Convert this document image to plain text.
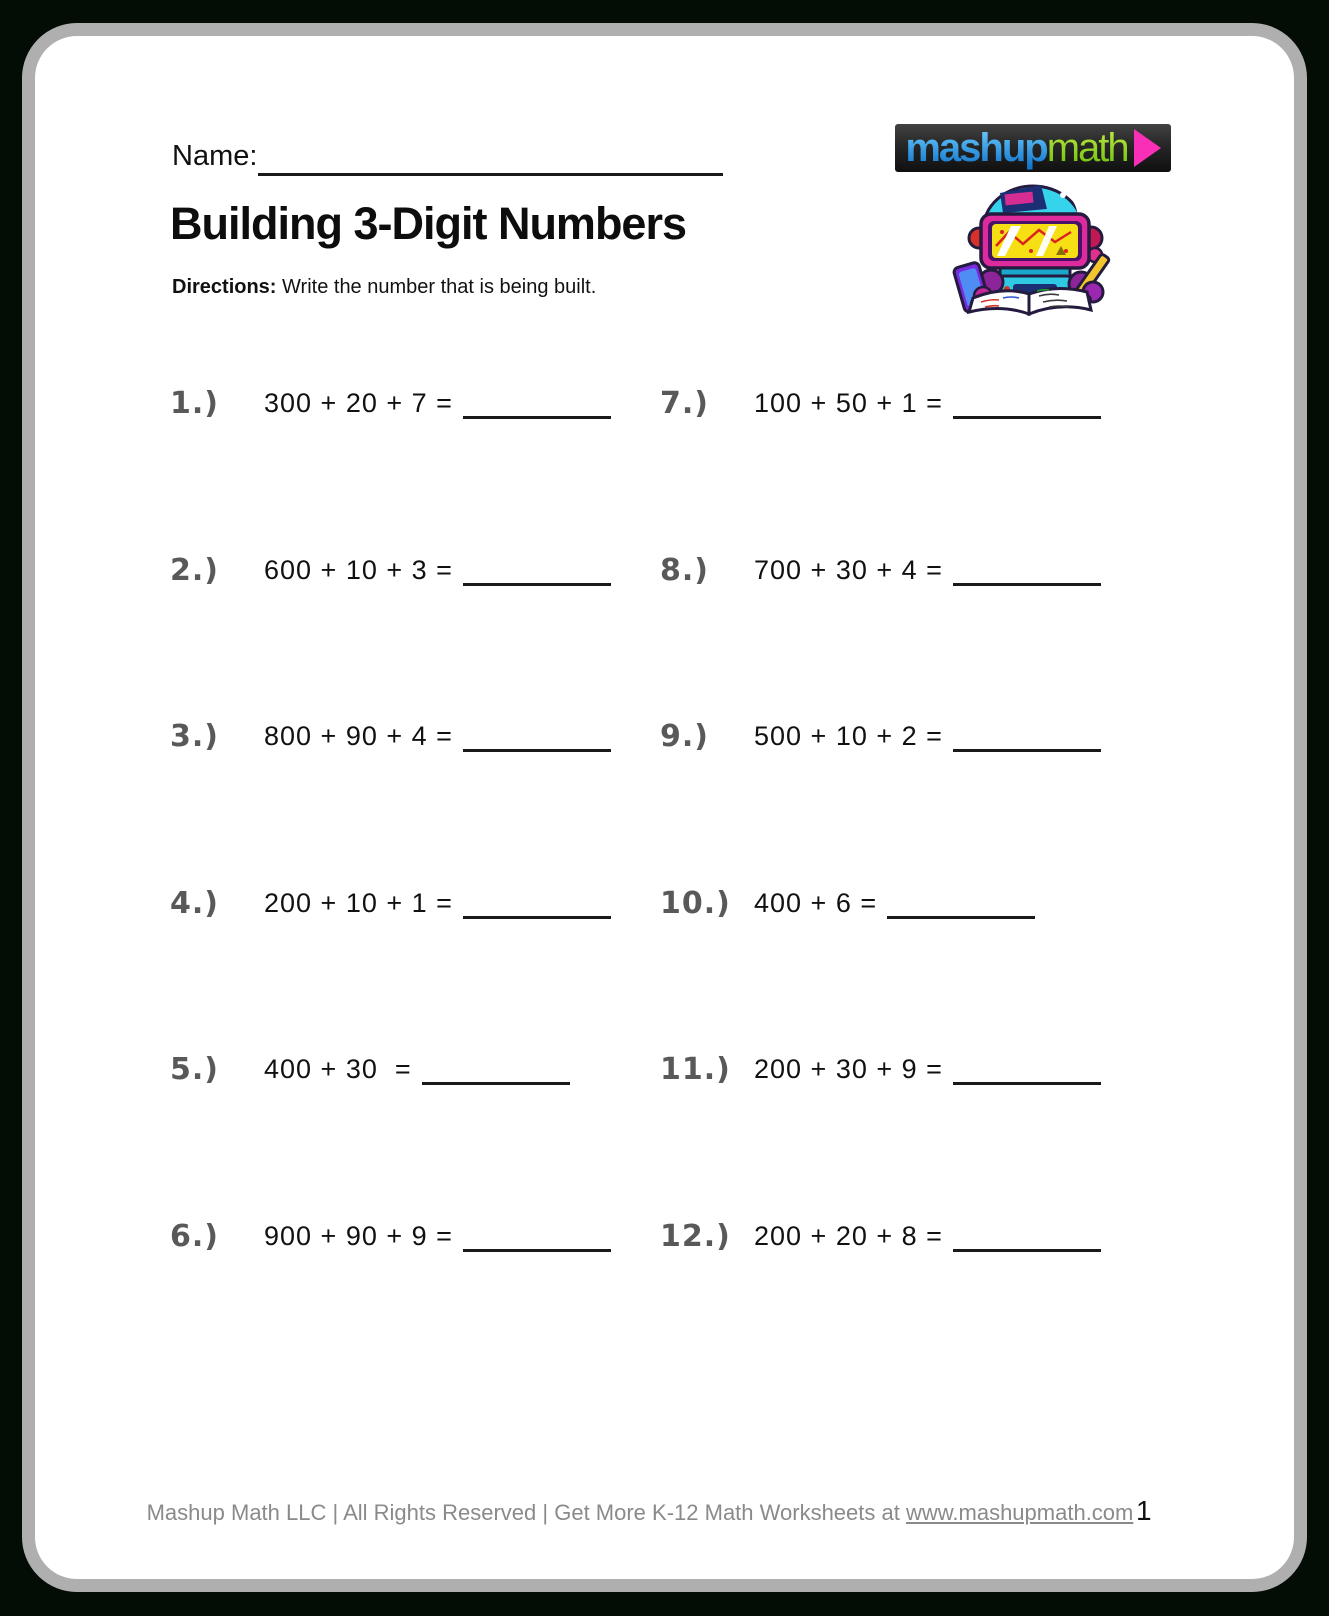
Name:
Building 3-Digit Numbers
Directions: Write the number that is being built.
mashup math
1.)	300 + 20 + 7 =
2.)	600 + 10 + 3 =
3.)	800 + 90 + 4 =
4.)	200 + 10 + 1 =
5.)	400 + 30  =
6.)	900 + 90 + 9 =
7.)	100 + 50 + 1 =
8.)	700 + 30 + 4 =
9.)	500 + 10 + 2 =
10.) 400 + 6 =
11.) 200 + 30 + 9 =
12.) 200 + 20 + 8 =
Mashup Math LLC | All Rights Reserved | Get More K-12 Math Worksheets at www.mashupmath.com 1
